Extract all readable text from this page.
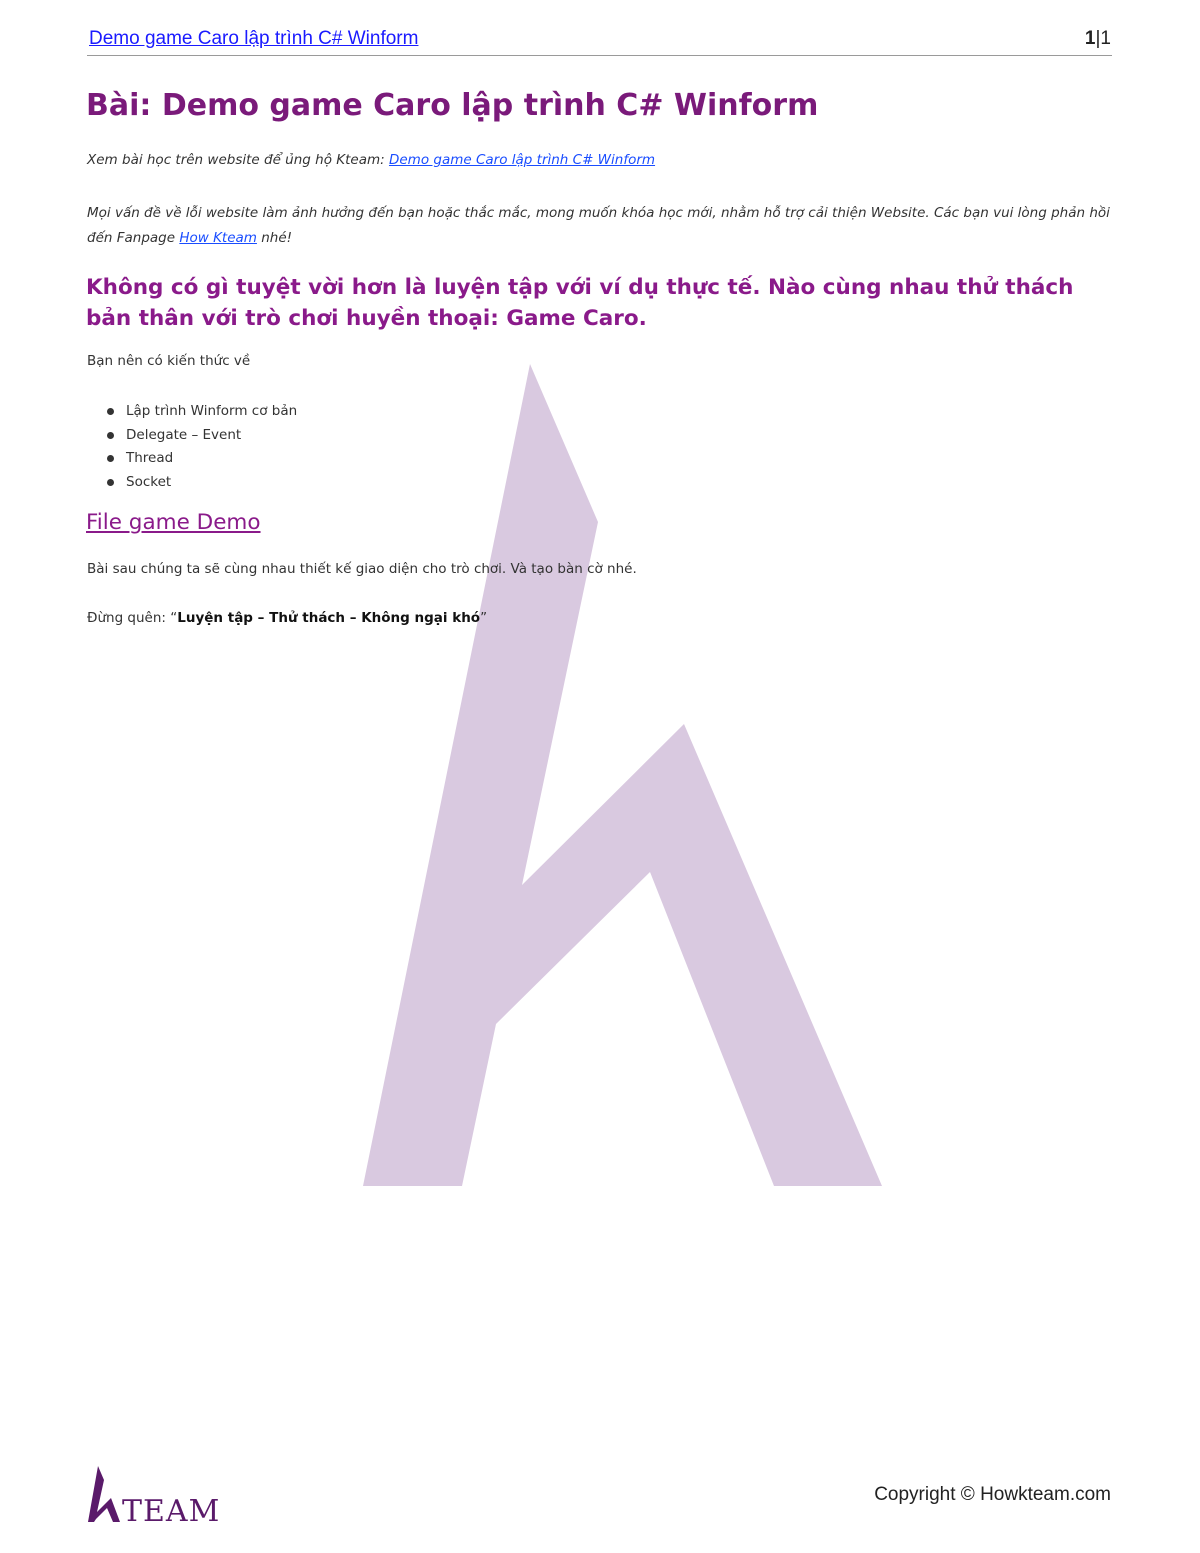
Demo game Caro lập trình C# Winform	1|1
Bài: Demo game Caro lập trình C# Winform

Xem bài học trên website để ủng hộ Kteam: Demo game Caro lập trình C# Winform

Mọi vấn đề về lỗi website làm ảnh hưởng đến bạn hoặc thắc mắc, mong muốn khóa học mới, nhằm hỗ trợ cải thiện Website. Các bạn vui lòng phản hồi đến Fanpage How Kteam nhé!

Không có gì tuyệt vời hơn là luyện tập với ví dụ thực tế. Nào cùng nhau thử thách bản thân với trò chơi huyền thoại: Game Caro.

Bạn nên có kiến thức về

Lập trình Winform cơ bản
Delegate – Event
Thread
Socket
File game Demo

Bài sau chúng ta sẽ cùng nhau thiết kế giao diện cho trò chơi. Và tạo bàn cờ nhé.

Đừng quên: “Luyện tập – Thử thách – Không ngại khó”

TEAM	Copyright © Howkteam.com
